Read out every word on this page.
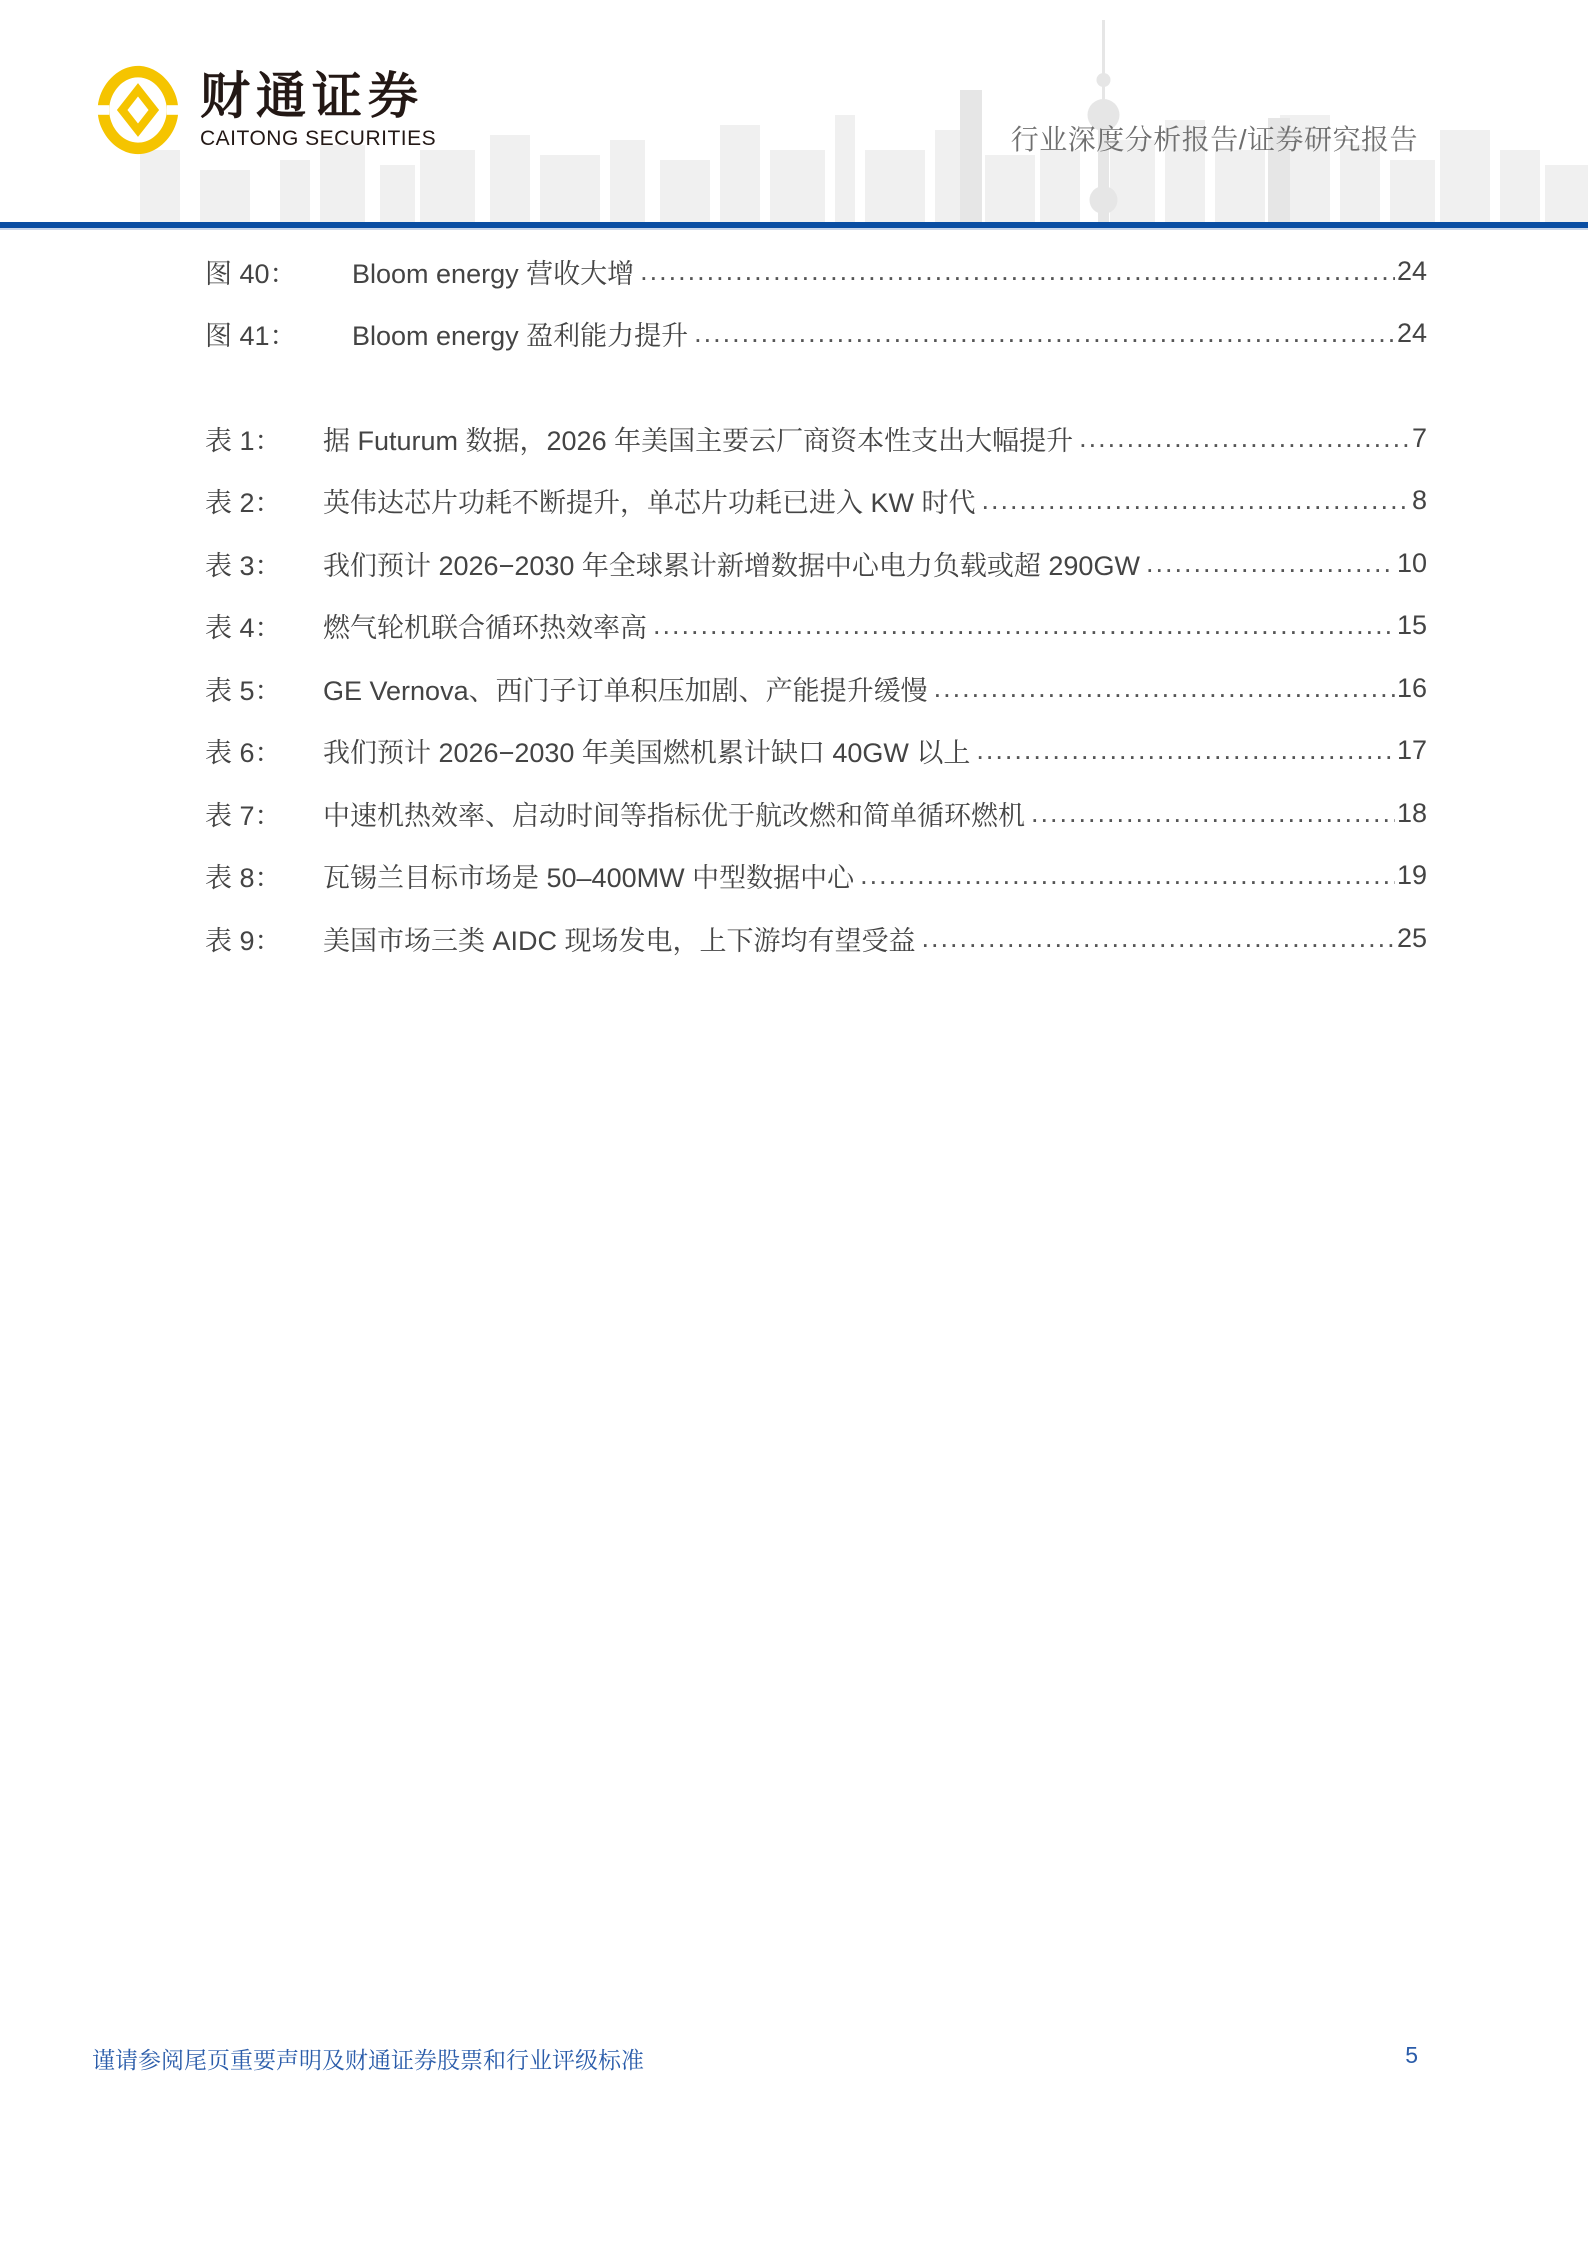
财通证券
CAITONG SECURITIES	行业深度分析报告/证券研究报告
图 40：	Bloom energy 营收大增 .....	24
图 41：	Bloom energy 盈利能力提升 .....	24
表 1：	据 Futurum 数据，2026 年美国主要云厂商资本性支出大幅提升 .....	7
表 2：	英伟达芯片功耗不断提升，单芯片功耗已进入 KW 时代 .....	8
表 3：	我们预计 2026−2030 年全球累计新增数据中心电力负载或超 290GW .....	10
表 4：	燃气轮机联合循环热效率高 .....	15
表 5：	GE Vernova、西门子订单积压加剧、产能提升缓慢 .....	16
表 6：	我们预计 2026−2030 年美国燃机累计缺口 40GW 以上 .....	17
表 7：	中速机热效率、启动时间等指标优于航改燃和简单循环燃机 .....	18
表 8：	瓦锡兰目标市场是 50–400MW 中型数据中心 .....	19
表 9：	美国市场三类 AIDC 现场发电，上下游均有望受益 .....	25
谨请参阅尾页重要声明及财通证券股票和行业评级标准	5
